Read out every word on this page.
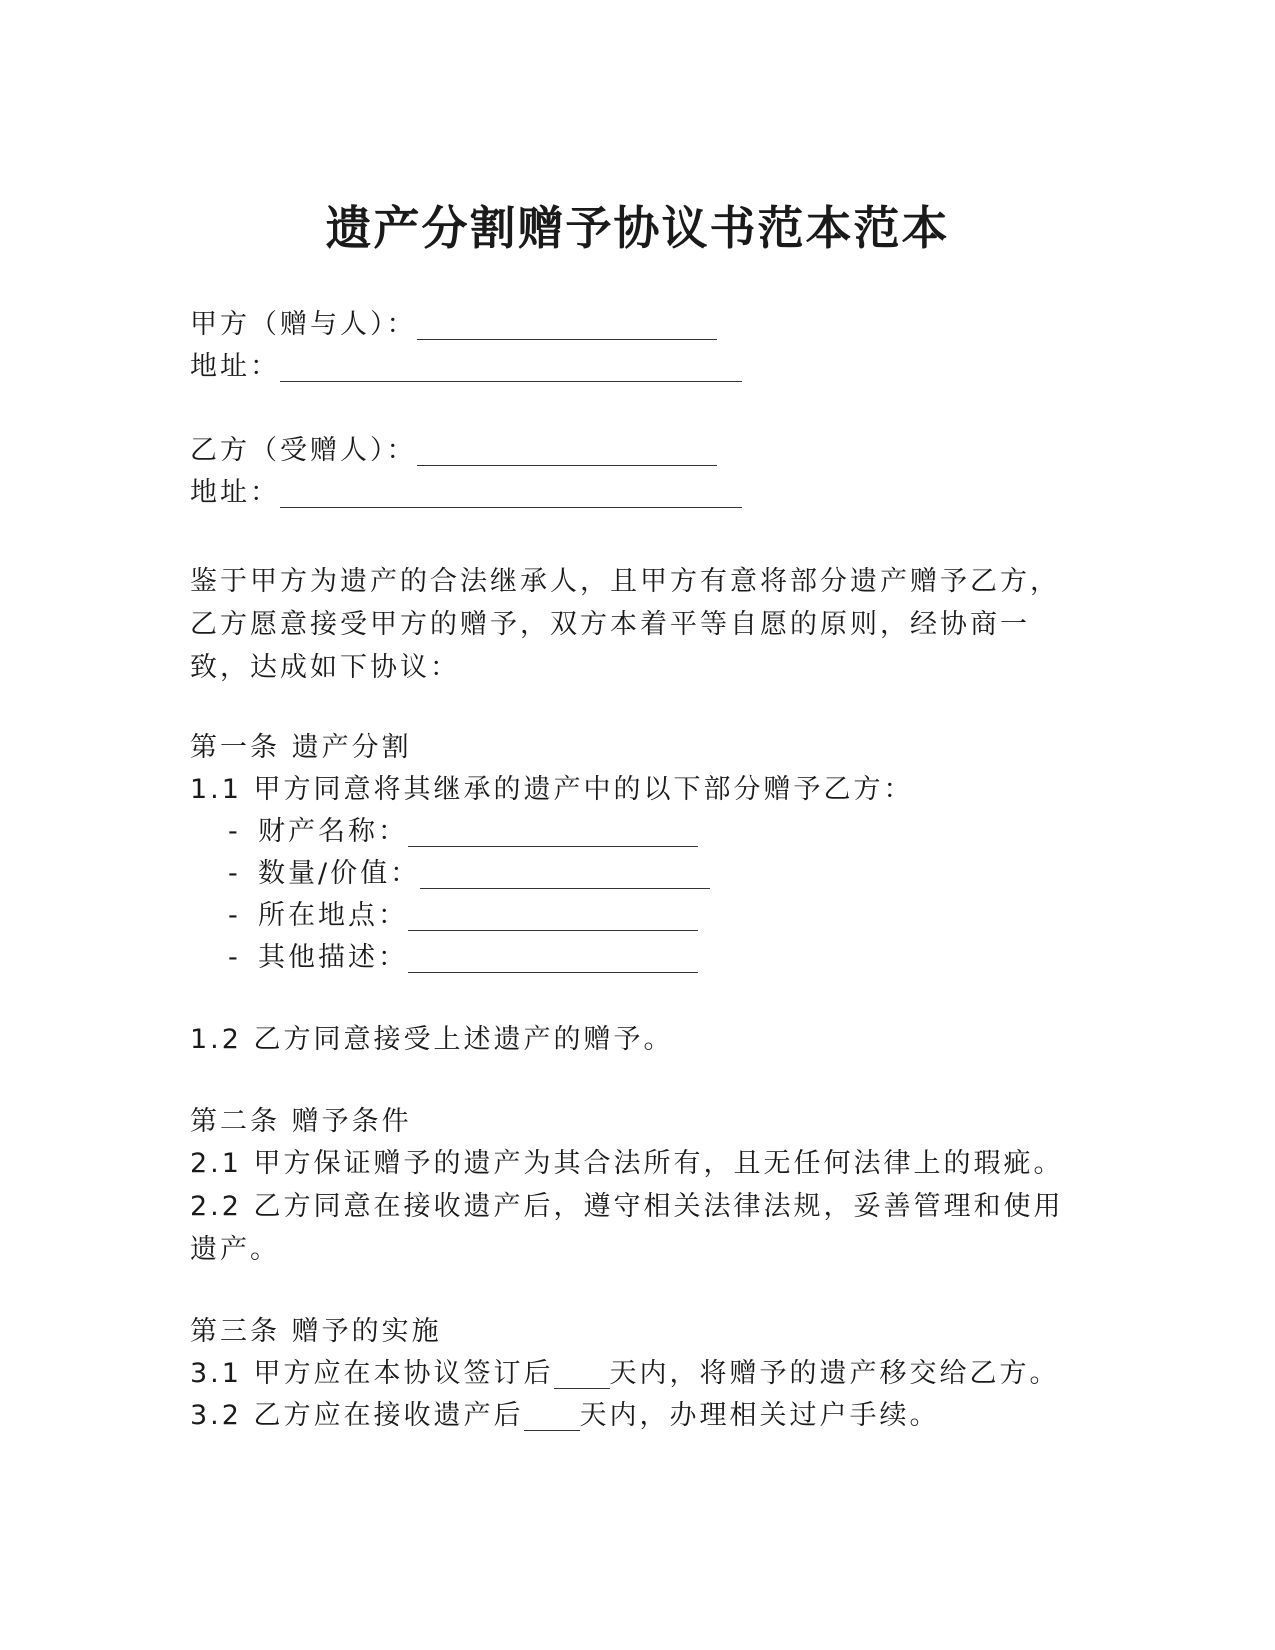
遗产分割赠予协议书范本范本
甲方（赠与人）：
地址：
乙方（受赠人）：
地址：
鉴于甲方为遗产的合法继承人，且甲方有意将部分遗产赠予乙方，乙方愿意接受甲方的赠予，双方本着平等自愿的原则，经协商一致，达成如下协议：
第一条 遗产分割
1.1 甲方同意将其继承的遗产中的以下部分赠予乙方：
- 财产名称：
- 数量/价值：
- 所在地点：
- 其他描述：
1.2 乙方同意接受上述遗产的赠予。
第二条 赠予条件
2.1 甲方保证赠予的遗产为其合法所有，且无任何法律上的瑕疵。
2.2 乙方同意在接收遗产后，遵守相关法律法规，妥善管理和使用遗产。
第三条 赠予的实施
3.1 甲方应在本协议签订后 天内，将赠予的遗产移交给乙方。
3.2 乙方应在接收遗产后 天内，办理相关过户手续。
